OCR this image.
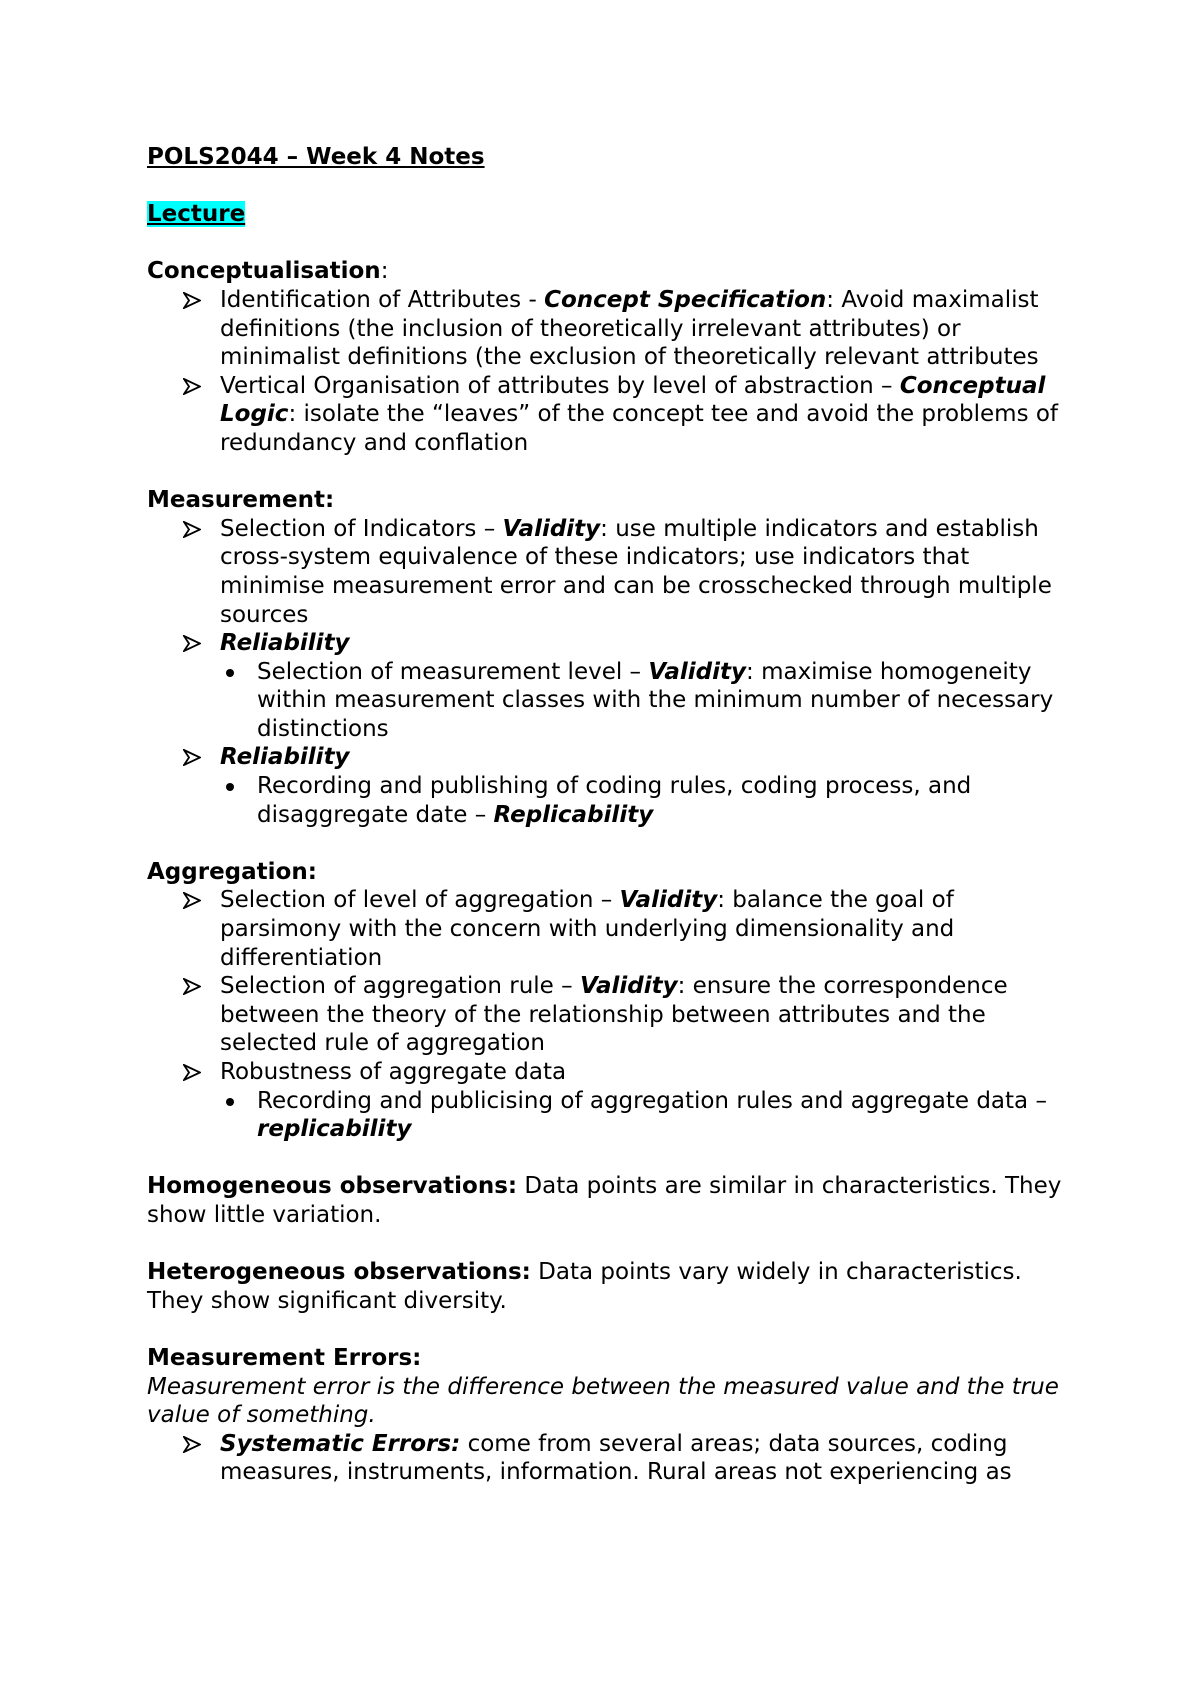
POLS2044 – Week 4 Notes
Lecture
Conceptualisation:
Identification of Attributes - Concept Specification: Avoid maximalist definitions (the inclusion of theoretically irrelevant attributes) or minimalist definitions (the exclusion of theoretically relevant attributes
Vertical Organisation of attributes by level of abstraction – Conceptual Logic: isolate the “leaves” of the concept tee and avoid the problems of redundancy and conflation
Measurement:
Selection of Indicators – Validity: use multiple indicators and establish cross-system equivalence of these indicators; use indicators that minimise measurement error and can be crosschecked through multiple sources
Reliability
Selection of measurement level – Validity: maximise homogeneity within measurement classes with the minimum number of necessary distinctions
Reliability
Recording and publishing of coding rules, coding process, and disaggregate date – Replicability
Aggregation:
Selection of level of aggregation – Validity: balance the goal of parsimony with the concern with underlying dimensionality and differentiation
Selection of aggregation rule – Validity: ensure the correspondence between the theory of the relationship between attributes and the selected rule of aggregation
Robustness of aggregate data
Recording and publicising of aggregation rules and aggregate data – replicability
Homogeneous observations: Data points are similar in characteristics. They show little variation.
Heterogeneous observations: Data points vary widely in characteristics. They show significant diversity.
Measurement Errors:
Measurement error is the difference between the measured value and the true value of something.
Systematic Errors: come from several areas; data sources, coding measures, instruments, information. Rural areas not experiencing as
